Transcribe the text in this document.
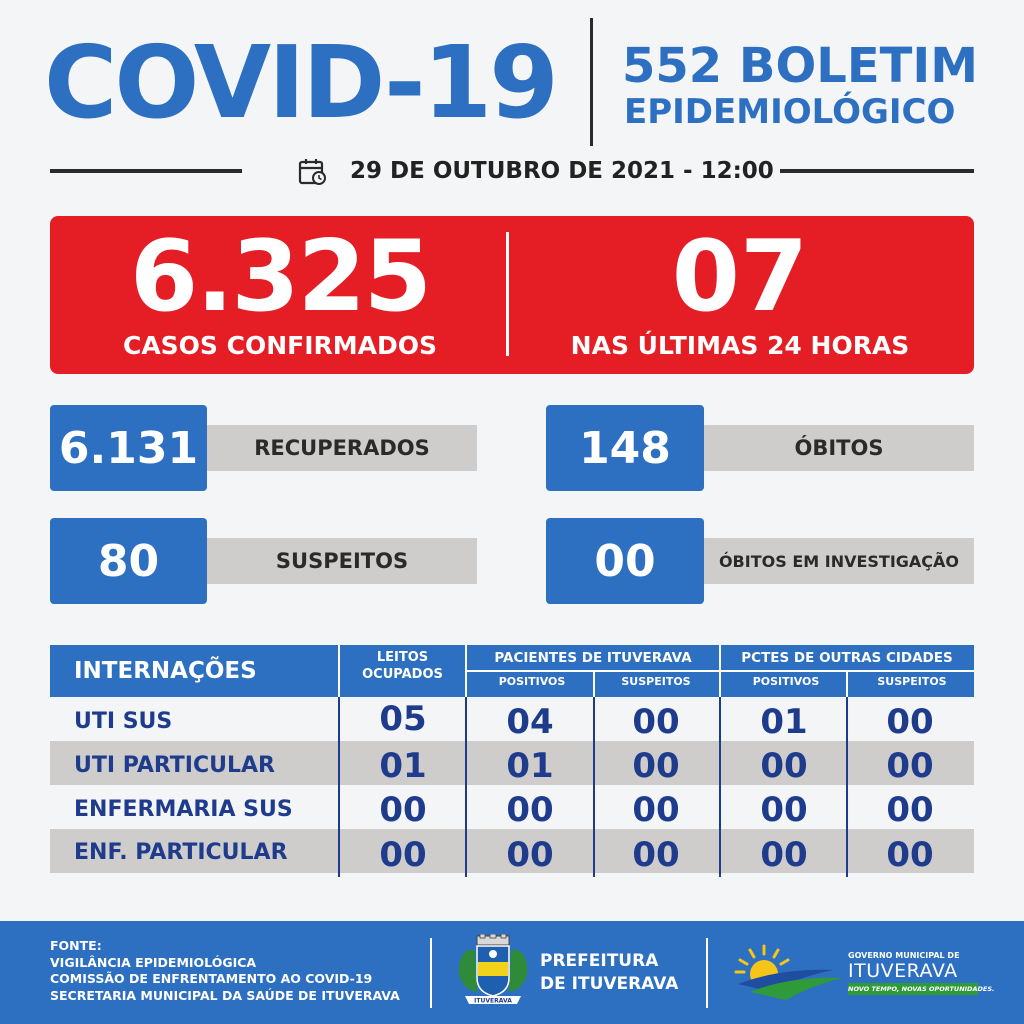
COVID-19	552 BOLETIM
EPIDEMIOLÓGICO
29 DE OUTUBRO DE 2021 - 12:00
6.325
CASOS CONFIRMADOS
07
NAS ÚLTIMAS 24 HORAS
6.131	RECUPERADOS	148	ÓBITOS
80	SUSPEITOS	00	ÓBITOS EM INVESTIGAÇÃO
INTERNAÇÕES
LEITOS
OCUPADOS
PACIENTES DE ITUVERAVA	PCTES DE OUTRAS CIDADES
POSITIVOS	SUSPEITOS	POSITIVOS	SUSPEITOS
UTI SUS	05	04	00	01	00
UTI PARTICULAR	01	01	00	00	00
ENFERMARIA SUS	00	00	00	00	00
ENF. PARTICULAR	00	00	00	00	00
FONTE:
VIGILÂNCIA EPIDEMIOLÓGICA
COMISSÃO DE ENFRENTAMENTO AO COVID-19
SECRETARIA MUNICIPAL DA SAÚDE DE ITUVERAVA	ITUVERAVA
PREFEITURA
DE ITUVERAVA
GOVERNO MUNICIPAL DE
ITUVERAVA
NOVO TEMPO, NOVAS OPORTUNIDADES.
